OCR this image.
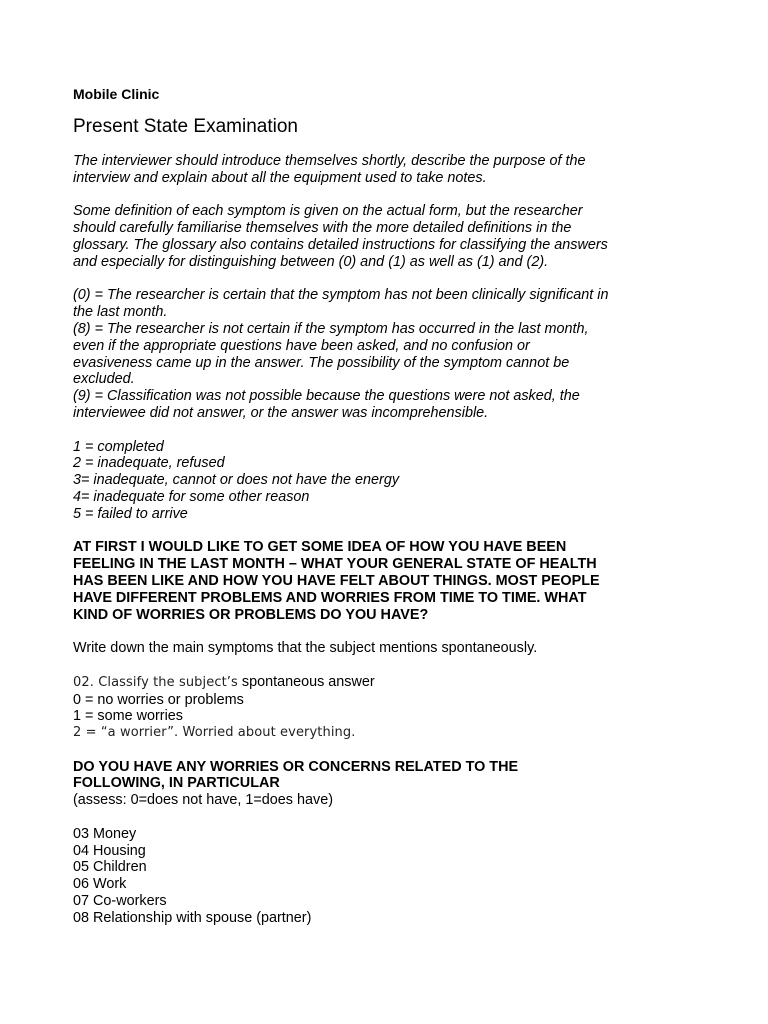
Mobile Clinic

Present State Examination

The interviewer should introduce themselves shortly, describe the purpose of the

interview and explain about all the equipment used to take notes.

Some definition of each symptom is given on the actual form, but the researcher

should carefully familiarise themselves with the more detailed definitions in the

glossary. The glossary also contains detailed instructions for classifying the answers

and especially for distinguishing between (0) and (1) as well as (1) and (2).

(0) = The researcher is certain that the symptom has not been clinically significant in

the last month.

(8) = The researcher is not certain if the symptom has occurred in the last month,

even if the appropriate questions have been asked, and no confusion or

evasiveness came up in the answer. The possibility of the symptom cannot be

excluded.

(9) = Classification was not possible because the questions were not asked, the

interviewee did not answer, or the answer was incomprehensible.

1 = completed

2 = inadequate, refused

3= inadequate, cannot or does not have the energy

4= inadequate for some other reason

5 = failed to arrive

AT FIRST I WOULD LIKE TO GET SOME IDEA OF HOW YOU HAVE BEEN

FEELING IN THE LAST MONTH – WHAT YOUR GENERAL STATE OF HEALTH

HAS BEEN LIKE AND HOW YOU HAVE FELT ABOUT THINGS. MOST PEOPLE

HAVE DIFFERENT PROBLEMS AND WORRIES FROM TIME TO TIME. WHAT

KIND OF WORRIES OR PROBLEMS DO YOU HAVE?

Write down the main symptoms that the subject mentions spontaneously.

02. Classify the subject’s spontaneous answer

0 = no worries or problems

1 = some worries

2 = “a worrier”. Worried about everything.

DO YOU HAVE ANY WORRIES OR CONCERNS RELATED TO THE

FOLLOWING, IN PARTICULAR

(assess: 0=does not have, 1=does have)

03 Money

04 Housing

05 Children

06 Work

07 Co-workers

08 Relationship with spouse (partner)
